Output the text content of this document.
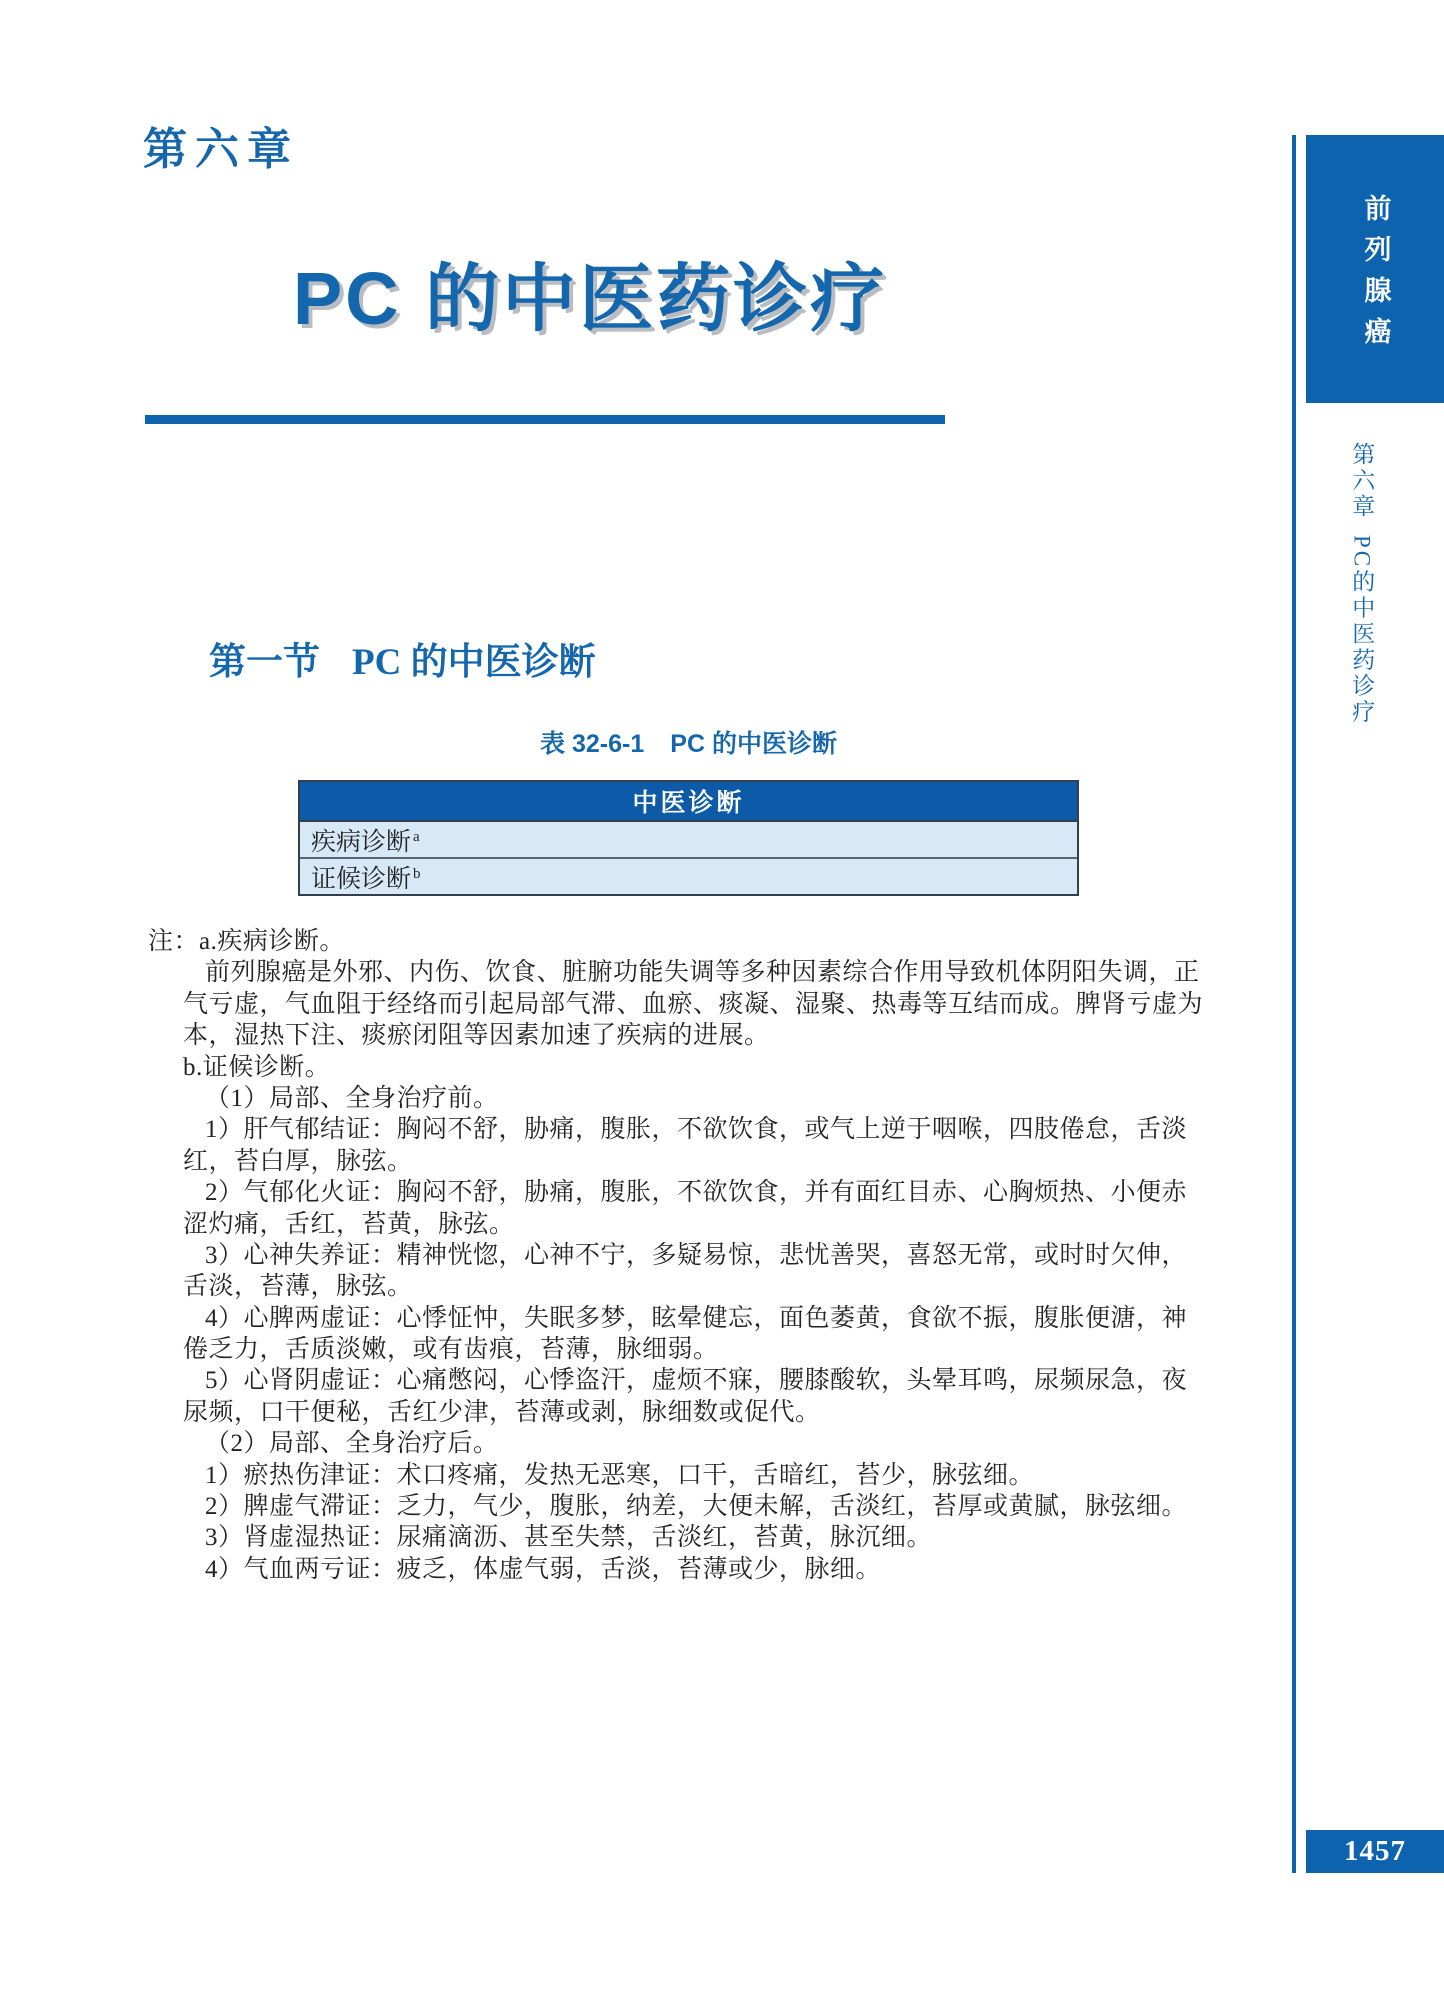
第六章
PC 的中医药诊疗
第一节 PC 的中医诊断
表 32-6-1 PC 的中医诊断
中医诊断
疾病诊断$^a$
证候诊断$^b$
注：a.疾病诊断。
前列腺癌是外邪、内伤、饮食、脏腑功能失调等多种因素综合作用导致机体阴阳失调，正
气亏虚，气血阻于经络而引起局部气滞、血瘀、痰凝、湿聚、热毒等互结而成。脾肾亏虚为
本，湿热下注、痰瘀闭阻等因素加速了疾病的进展。
b.证候诊断。
（1）局部、全身治疗前。
1）肝气郁结证：胸闷不舒，胁痛，腹胀，不欲饮食，或气上逆于咽喉，四肢倦怠，舌淡
红，苔白厚，脉弦。
2）气郁化火证：胸闷不舒，胁痛，腹胀，不欲饮食，并有面红目赤、心胸烦热、小便赤
涩灼痛，舌红，苔黄，脉弦。
3）心神失养证：精神恍惚，心神不宁，多疑易惊，悲忧善哭，喜怒无常，或时时欠伸，
舌淡，苔薄，脉弦。
4）心脾两虚证：心悸怔忡，失眠多梦，眩晕健忘，面色萎黄，食欲不振，腹胀便溏，神
倦乏力，舌质淡嫩，或有齿痕，苔薄，脉细弱。
5）心肾阴虚证：心痛憋闷，心悸盗汗，虚烦不寐，腰膝酸软，头晕耳鸣，尿频尿急，夜
尿频，口干便秘，舌红少津，苔薄或剥，脉细数或促代。
（2）局部、全身治疗后。
1）瘀热伤津证：术口疼痛，发热无恶寒，口干，舌暗红，苔少，脉弦细。
2）脾虚气滞证：乏力，气少，腹胀，纳差，大便未解，舌淡红，苔厚或黄腻，脉弦细。
3）肾虚湿热证：尿痛滴沥、甚至失禁，舌淡红，苔黄，脉沉细。
4）气血两亏证：疲乏，体虚气弱，舌淡，苔薄或少，脉细。
前列腺癌
第六章PC的中医药诊疗
1457
